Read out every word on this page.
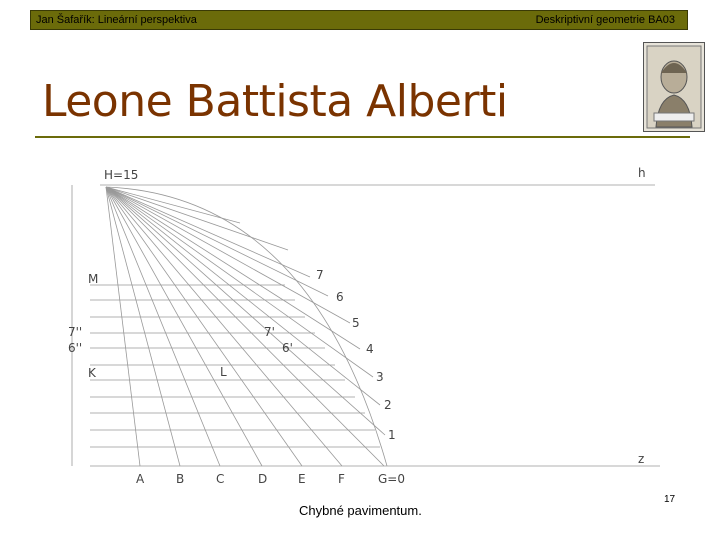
Jan Šafařík: Lineární perspektiva	Deskriptivní geometrie BA03
Leone Battista Alberti
H=15	h
M
7''
6''
K	L
7'
6'
z
7
6
5
4
3
2
1
A	B	C	D	E	F	G=0
Chybné pavimentum.
17
